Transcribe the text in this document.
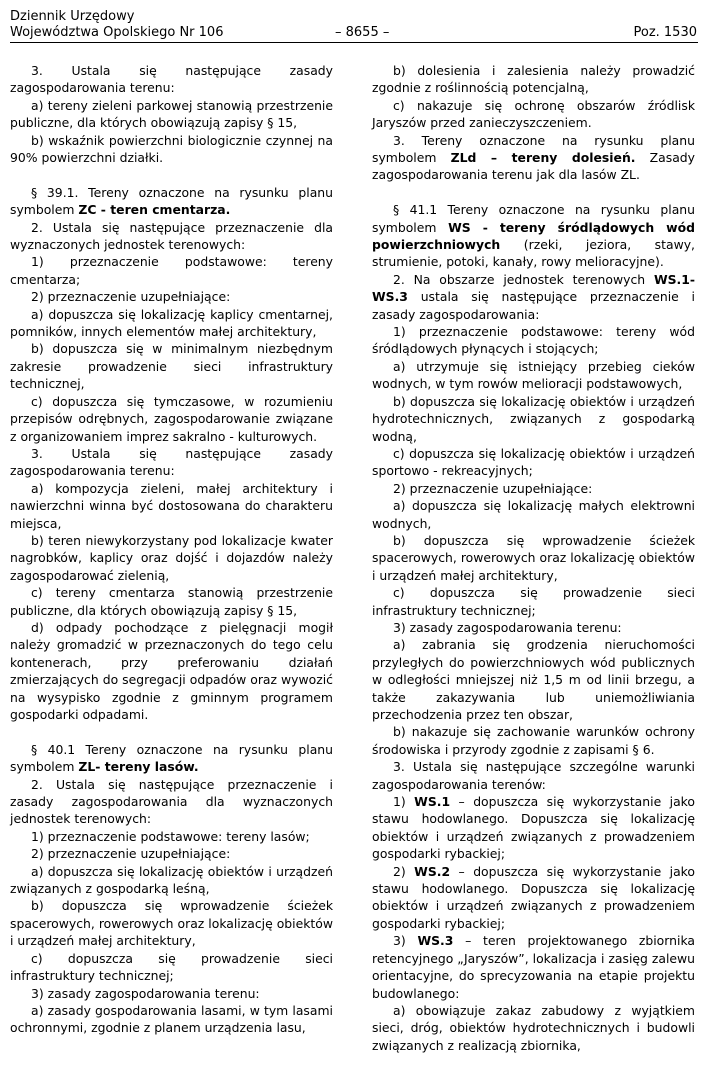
Dziennik Urzędowy
Województwa Opolskiego Nr 106	– 8655 –	Poz. 1530

3. Ustala się następujące zasady zagospodarowania terenu:

a) tereny zieleni parkowej stanowią przestrzenie publiczne, dla których obowiązują zapisy § 15,

b) wskaźnik powierzchni biologicznie czynnej na 90% powierzchni działki.

§ 39.1. Tereny oznaczone na rysunku planu symbolem ZC - teren cmentarza.

2. Ustala się następujące przeznaczenie dla wyznaczonych jednostek terenowych:

1) przeznaczenie podstawowe: tereny cmentarza;

2) przeznaczenie uzupełniające:

a) dopuszcza się lokalizację kaplicy cmentarnej, pomników, innych elementów małej architektury,

b) dopuszcza się w minimalnym niezbędnym zakresie prowadzenie sieci infrastruktury technicznej,

c) dopuszcza się tymczasowe, w rozumieniu przepisów odrębnych, zagospodarowanie związane z organizowaniem imprez sakralno - kulturowych.

3. Ustala się następujące zasady zagospodarowania terenu:

a) kompozycja zieleni, małej architektury i nawierzchni winna być dostosowana do charakteru miejsca,

b) teren niewykorzystany pod lokalizacje kwater nagrobków, kaplicy oraz dojść i dojazdów należy zagospodarować zielenią,

c) tereny cmentarza stanowią przestrzenie publiczne, dla których obowiązują zapisy § 15,

d) odpady pochodzące z pielęgnacji mogił należy gromadzić w przeznaczonych do tego celu kontenerach, przy preferowaniu działań zmierzających do segregacji odpadów oraz wywozić na wysypisko zgodnie z gminnym programem gospodarki odpadami.

§ 40.1 Tereny oznaczone na rysunku planu symbolem ZL- tereny lasów.

2. Ustala się następujące przeznaczenie i zasady zagospodarowania dla wyznaczonych jednostek terenowych:

1) przeznaczenie podstawowe: tereny lasów;

2) przeznaczenie uzupełniające:

a) dopuszcza się lokalizację obiektów i urządzeń związanych z gospodarką leśną,

b) dopuszcza się wprowadzenie ścieżek spacerowych, rowerowych oraz lokalizację obiektów i urządzeń małej architektury,

c) dopuszcza się prowadzenie sieci infrastruktury technicznej;

3) zasady zagospodarowania terenu:

a) zasady gospodarowania lasami, w tym lasami ochronnymi, zgodnie z planem urządzenia lasu,

b) dolesienia i zalesienia należy prowadzić zgodnie z roślinnością potencjalną,

c) nakazuje się ochronę obszarów źródlisk Jaryszów przed zanieczyszczeniem.

3. Tereny oznaczone na rysunku planu symbolem ZLd – tereny dolesień. Zasady zagospodarowania terenu jak dla lasów ZL.

§ 41.1 Tereny oznaczone na rysunku planu symbolem WS - tereny śródlądowych wód powierzchniowych (rzeki, jeziora, stawy, strumienie, potoki, kanały, rowy melioracyjne).

2. Na obszarze jednostek terenowych WS.1-WS.3 ustala się następujące przeznaczenie i zasady zagospodarowania:

1) przeznaczenie podstawowe: tereny wód śródlądowych płynących i stojących;

a) utrzymuje się istniejący przebieg cieków wodnych, w tym rowów melioracji podstawowych,

b) dopuszcza się lokalizację obiektów i urządzeń hydrotechnicznych, związanych z gospodarką wodną,

c) dopuszcza się lokalizację obiektów i urządzeń sportowo - rekreacyjnych;

2) przeznaczenie uzupełniające:

a) dopuszcza się lokalizację małych elektrowni wodnych,

b) dopuszcza się wprowadzenie ścieżek spacerowych, rowerowych oraz lokalizację obiektów i urządzeń małej architektury,

c) dopuszcza się prowadzenie sieci infrastruktury technicznej;

3) zasady zagospodarowania terenu:

a) zabrania się grodzenia nieruchomości przyległych do powierzchniowych wód publicznych w odległości mniejszej niż 1,5 m od linii brzegu, a także zakazywania lub uniemożliwiania przechodzenia przez ten obszar,

b) nakazuje się zachowanie warunków ochrony środowiska i przyrody zgodnie z zapisami § 6.

3. Ustala się następujące szczególne warunki zagospodarowania terenów:

1) WS.1 – dopuszcza się wykorzystanie jako stawu hodowlanego. Dopuszcza się lokalizację obiektów i urządzeń związanych z prowadzeniem gospodarki rybackiej;

2) WS.2 – dopuszcza się wykorzystanie jako stawu hodowlanego. Dopuszcza się lokalizację obiektów i urządzeń związanych z prowadzeniem gospodarki rybackiej;

3) WS.3 – teren projektowanego zbiornika retencyjnego „Jaryszów”, lokalizacja i zasięg zalewu orientacyjne, do sprecyzowania na etapie projektu budowlanego:

a) obowiązuje zakaz zabudowy z wyjątkiem sieci, dróg, obiektów hydrotechnicznych i budowli związanych z realizacją zbiornika,
